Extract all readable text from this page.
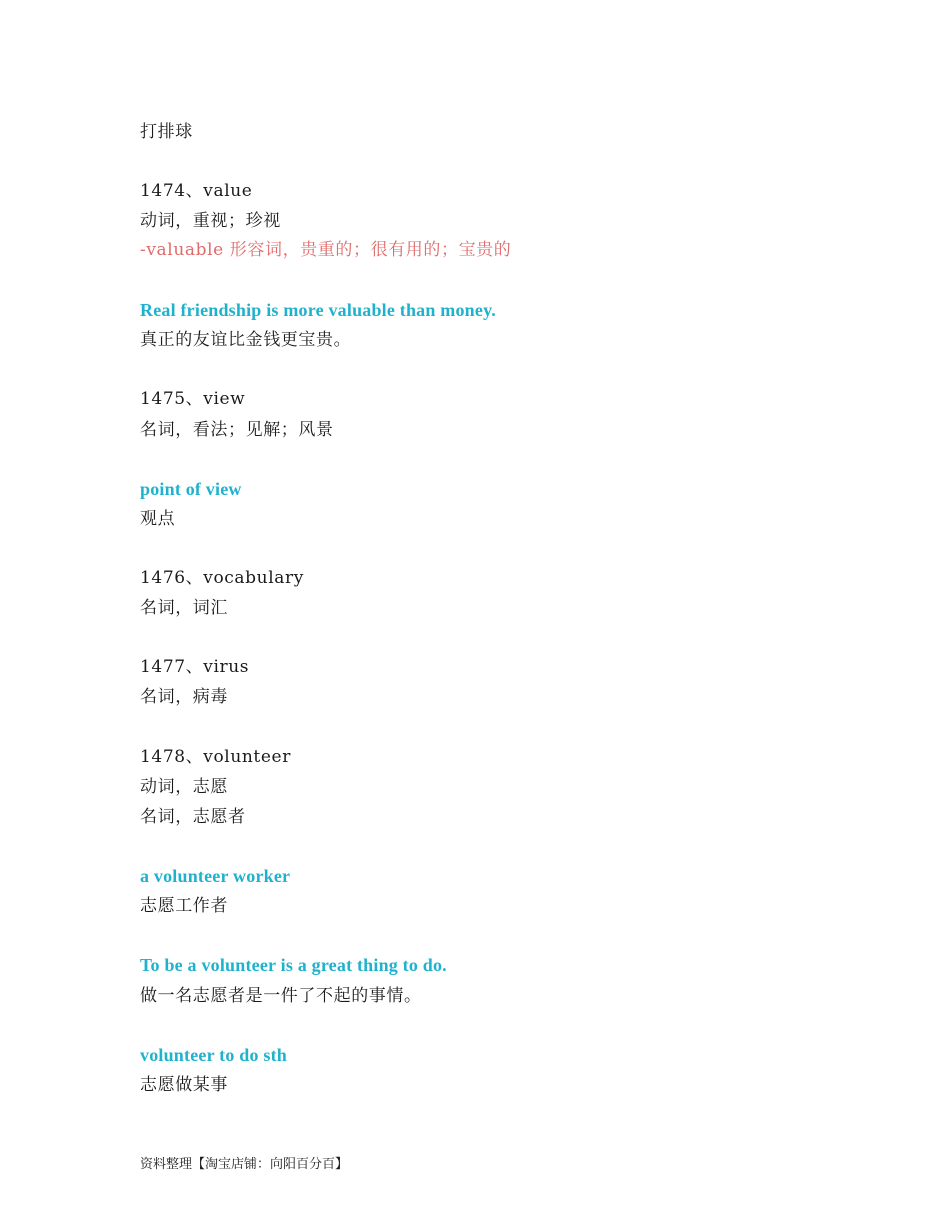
打排球
1474、value
动词，重视；珍视
-valuable 形容词，贵重的；很有用的；宝贵的
Real friendship is more valuable than money.
真正的友谊比金钱更宝贵。
1475、view
名词，看法；见解；风景
point of view
观点
1476、vocabulary
名词，词汇
1477、virus
名词，病毒
1478、volunteer
动词，志愿
名词，志愿者
a volunteer worker
志愿工作者
To be a volunteer is a great thing to do.
做一名志愿者是一件了不起的事情。
volunteer to do sth
志愿做某事
资料整理【淘宝店铺：向阳百分百】
